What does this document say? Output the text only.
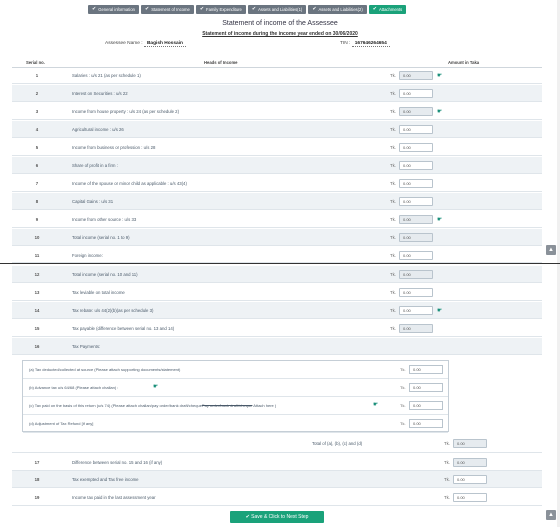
✔ General information ✔ Statement of Income ✔ Family Expenditure ✔ Assets and Liabilities(1) ✔ Assets and Liabilities(2) ✔ Attachments
Statement of income of the Assessee
Statement of income during the income year ended on 30/06/2020
Assessee Name : Bagish Hossain	TIN : 167646264654
Serial no.	Heads of Income	Amount in Taka
1	Salaries : u/s 21 (as per schedule 1)	Tk.	0.00	☛
2	Interest on Securities : u/s 22	Tk.	0.00
3	Income from house property : u/s 24 (as per schedule 2)	Tk.	0.00	☛
4	Agricultural income : u/s 26	Tk.	0.00
5	Income from business or profession : u/s 28	Tk.	0.00
6	Share of profit in a firm :	Tk.	0.00
7	Income of the spouse or minor child as applicable : u/s 43(4)	Tk.	0.00
8	Capital Gains : u/s 31	Tk.	0.00
9	Income from other source : u/s 33	Tk.	0.00	☛
10	Total income (serial no. 1 to 9)	Tk.	0.00
11	Foreign income:	Tk.	0.00
12	Total income (serial no. 10 and 11)	Tk.	0.00
13	Tax leviable on total income	Tk.	0.00
14	Tax rebate: u/s 44(2)(b)(as per schedule 3)	Tk.	0.00	☛
15	Tax payable (difference between serial no. 13 and 14)	Tk.	0.00
16	Tax Payments:
(a) Tax deducted/collected at source (Please attach supporting documents/statement)	Tk.	0.00
(b) Advance tax u/s 64/68 (Please attach challan) :	☛	Tk.	0.00
(c) Tax paid on the basis of this return (u/s 74) (Please attach challan/pay order/bank draft/chequePay order/bank draft/cheque Attach here )	☛	Tk.	0.00
(d) Adjustment of Tax Refund [if any]	Tk.	0.00
Total of (a), (b), (c) and (d)	Tk.	0.00
17	Difference between serial no. 15 and 16 (if any)	Tk.	0.00
18	Tax exempted and Tax free income	Tk.	0.00
19	Income tax paid in the last assessment year	Tk.	0.00
▲
▲
✔ Save & Click to Next Step
